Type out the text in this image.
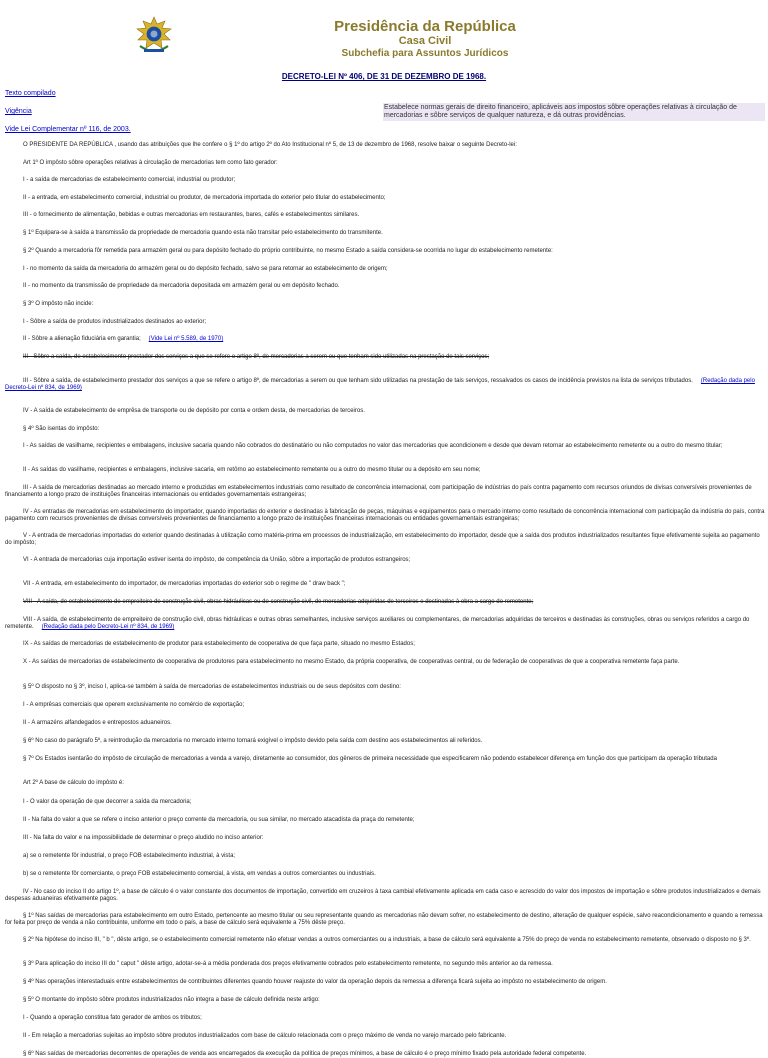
Presidência da República
Casa Civil
Subchefia para Assuntos Jurídicos
DECRETO-LEI Nº 406, DE 31 DE DEZEMBRO DE 1968.
Texto compilado
Vigência
Vide Lei Complementar nº 116, de 2003.
Estabelece normas gerais de direito financeiro, aplicáveis aos impostos sôbre operações relativas à circulação de mercadorias e sôbre serviços de qualquer natureza, e dá outras providências.

O PRESIDENTE DA REPÚBLICA , usando das atribuições que lhe confere o § 1º do artigo 2º do Ato Institucional nº 5, de 13 de dezembro de 1968, resolve baixar o seguinte Decreto-lei:

Art 1º O impôsto sôbre operações relativas à circulação de mercadorias tem como fato gerador:

I - a saída de mercadorias de estabelecimento comercial, industrial ou produtor;

II - a entrada, em estabelecimento comercial, industrial ou produtor, de mercadoria importada do exterior pelo titular do estabelecimento;

III - o fornecimento de alimentação, bebidas e outras mercadorias em restaurantes, bares, cafés e estabelecimentos similares.

§ 1º Equipara-se à saída a transmissão da propriedade de mercadoria quando esta não transitar pelo estabelecimento do transmitente.

§ 2º Quando a mercadoria fôr remetida para armazém geral ou para depósito fechado do próprio contribuinte, no mesmo Estado a saída considera-se ocorrida no lugar do estabelecimento remetente:

I - no momento da saída da mercadoria do armazém geral ou do depósito fechado, salvo se para retornar ao estabelecimento de origem;

II - no momento da transmissão de propriedade da mercadoria depositada em armazém geral ou em depósito fechado.

§ 3º O impôsto não incide:

I - Sôbre a saída de produtos industrializados destinados ao exterior;

II - Sôbre a alienação fiduciária em garantia; (Vide Lei nº 5.589, de 1970)

III - Sôbre a saída, de estabelecimento prestador dos serviços a que se refere o artigo 8º, de mercadorias a serem ou que tenham sido utilizadas na prestação de tais serviços;

III - Sôbre a saída, de estabelecimento prestador dos serviços a que se refere o artigo 8º, de mercadorias a serem ou que tenham sido utilizadas na prestação de tais serviços, ressalvados os casos de incidência previstos na lista de serviços tributados. (Redação dada pelo Decreto-Lei nº 834, de 1969)

IV - A saída de estabelecimento de emprêsa de transporte ou de depósito por conta e ordem desta, de mercadorias de terceiros.

§ 4º São isentas do impôsto:

I - As saídas de vasilhame, recipientes e embalagens, inclusive sacaria quando não cobrados do destinatário ou não computados no valor das mercadorias que acondicionem e desde que devam retornar ao estabelecimento remetente ou a outro do mesmo titular;

II - As saídas do vasilhame, recipientes e embalagens, inclusive sacaria, em retôrno ao estabelecimento remetente ou a outro do mesmo titular ou a depósito em seu nome;

III - A saída de mercadorias destinadas ao mercado interno e produzidas em estabelecimentos industriais como resultado de concorrência internacional, com participação de indústrias do país contra pagamento com recursos oriundos de divisas conversíveis provenientes de financiamento a longo prazo de instituições financeiras internacionais ou entidades governamentais estrangeiras;

IV - As entradas de mercadorias em estabelecimento do importador, quando importadas do exterior e destinadas à fabricação de peças, máquinas e equipamentos para o mercado interno como resultado de concorrência internacional com participação da indústria do país, contra pagamento com recursos provenientes de divisas conversíveis provenientes de financiamento a longo prazo de instituições financeiras internacionais ou entidades governamentais estrangeiras;

V - A entrada de mercadorias importadas do exterior quando destinadas à utilização como matéria-prima em processos de industrialização, em estabelecimento do importador, desde que a saída dos produtos industrializados resultantes fique efetivamente sujeita ao pagamento do impôsto;

VI - A entrada de mercadorias cuja importação estiver isenta do impôsto, de competência da União, sôbre a importação de produtos estrangeiros;

VII - A entrada, em estabelecimento do importador, de mercadorias importadas do exterior sob o regime de " draw back ";

VIII - A saída, de estabelecimento de empreiteiro de construção civil, obras hidráulicas ou de construção civil, de mercadorias adquiridas de terceiros e destinadas à obra a cargo do remetente;

VIII - A saída, de estabelecimento de empreiteiro de construção civil, obras hidráulicas e outras obras semelhantes, inclusive serviços auxiliares ou complementares, de mercadorias adquiridas de terceiros e destinadas às construções, obras ou serviços referidos a cargo do remetente. (Redação dada pelo Decreto-Lei nº 834, de 1969)

IX - As saídas de mercadorias de estabelecimento de produtor para estabelecimento de cooperativa de que faça parte, situado no mesmo Estados;

X - As saídas de mercadorias de estabelecimento de cooperativa de produtores para estabelecimento no mesmo Estado, da própria cooperativa, de cooperativas central, ou de federação de cooperativas de que a cooperativa remetente faça parte.

§ 5º O disposto no § 3º, inciso I, aplica-se também à saída de mercadorias de estabelecimentos industriais ou de seus depósitos com destino:

I - A emprêsas comerciais que operem exclusivamente no comércio de exportação;

II - A armazéns alfandegados e entrepostos aduaneiros.

§ 6º No caso do parágrafo 5º, a reintrodução da mercadoria no mercado interno tornará exigível o impôsto devido pela saída com destino aos estabelecimentos ali referidos.

§ 7º Os Estados isentarão do impôsto de circulação de mercadorias a venda a varejo, diretamente ao consumidor, dos gêneros de primeira necessidade que especificarem não podendo estabelecer diferença em função dos que participam da operação tributada

Art 2º A base de cálculo do impôsto é:

I - O valor da operação de que decorrer a saída da mercadoria;

II - Na falta do valor a que se refere o inciso anterior o preço corrente da mercadoria, ou sua similar, no mercado atacadista da praça do remetente;

III - Na falta do valor e na impossibilidade de determinar o preço aludido no inciso anterior:

a) se o remetente fôr industrial, o preço FOB estabelecimento industrial, à vista;

b) se o remetente fôr comerciante, o preço FOB estabelecimento comercial, à vista, em vendas a outros comerciantes ou industriais.

IV - No caso do inciso II do artigo 1º, a base de cálculo é o valor constante dos documentos de importação, convertido em cruzeiros à taxa cambial efetivamente aplicada em cada caso e acrescido do valor dos impostos de importação e sôbre produtos industrializados e demais despesas aduaneiras efetivamente pagos.

§ 1º Nas saídas de mercadorias para estabelecimento em outro Estado, pertencente ao mesmo titular ou seu representante quando as mercadorias não devam sofrer, no estabelecimento de destino, alteração de qualquer espécie, salvo reacondicionamento e quando a remessa for feita por preço de venda a não contribuinte, uniforme em todo o país, a base de cálculo será equivalente a 75% dêste preço.

§ 2º Na hipótese do inciso III, " b ", dêste artigo, se o estabelecimento comercial remetente não efetuar vendas a outros comerciantes ou a industriais, a base de cálculo será equivalente a 75% do preço de venda no estabelecimento remetente, observado o disposto no § 3º.

§ 3º Para aplicação do inciso III do " caput " dêste artigo, adotar-se-á a média ponderada dos preços efetivamente cobrados pelo estabelecimento remetente, no segundo mês anterior ao da remessa.

§ 4º Nas operações interestaduais entre estabelecimentos de contribuintes diferentes quando houver reajuste do valor da operação depois da remessa a diferença ficará sujeita ao impôsto no estabelecimento de origem.

§ 5º O montante do impôsto sôbre produtos industrializados não integra a base de cálculo definida neste artigo:

I - Quando a operação constitua fato gerador de ambos os tributos;

II - Em relação a mercadorias sujeitas ao impôsto sôbre produtos industrializados com base de cálculo relacionada com o preço máximo de venda no varejo marcado pelo fabricante.

§ 6º Nas saídas de mercadorias decorrentes de operações de venda aos encarregados da execução da política de preços mínimos, a base de cálculo é o preço mínimo fixado pela autoridade federal competente.
